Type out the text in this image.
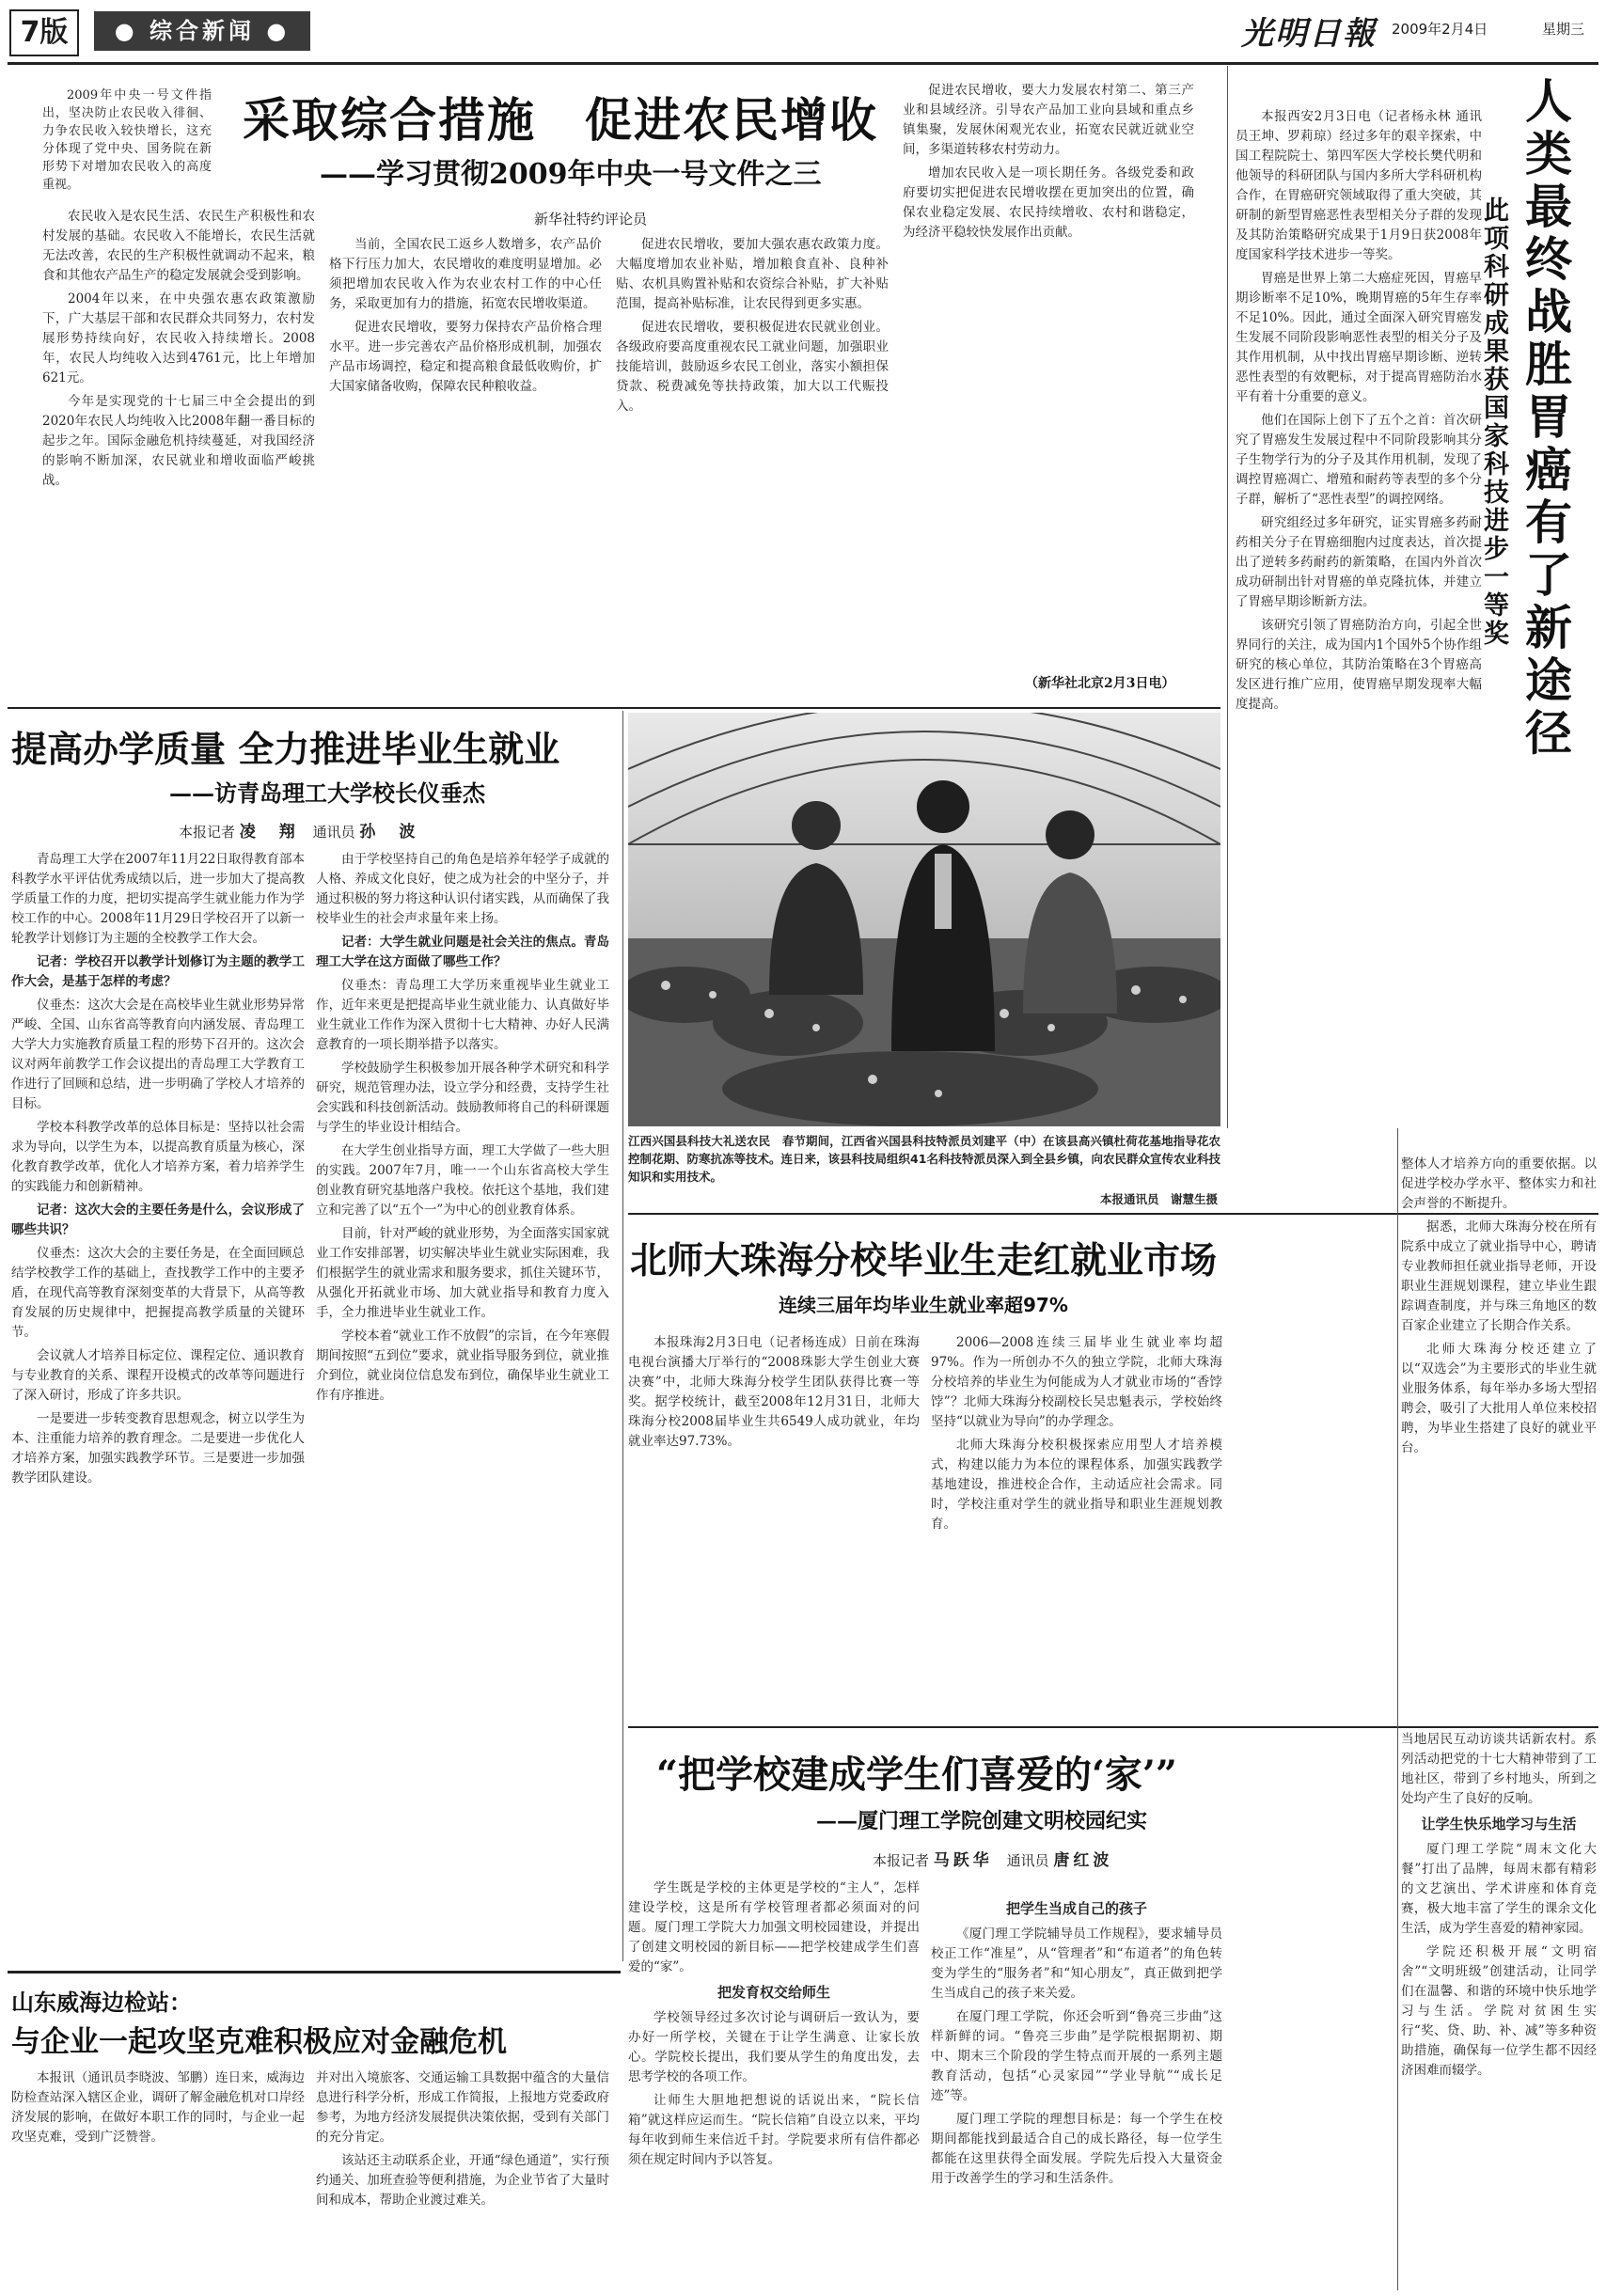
7版	● 综合新闻 ●	光明日報 2009年2月4日	星期三

2009年中央一号文件指出，坚决防止农民收入徘徊、力争农民收入较快增长，这充分体现了党中央、国务院在新形势下对增加农民收入的高度重视。

采取综合措施　促进农民增收
——学习贯彻2009年中央一号文件之三
新华社特约评论员

农民收入是农民生活、农民生产积极性和农村发展的基础。农民收入不能增长，农民生活就无法改善，农民的生产积极性就调动不起来，粮食和其他农产品生产的稳定发展就会受到影响。

2004年以来，在中央强农惠农政策激励下，广大基层干部和农民群众共同努力，农村发展形势持续向好，农民收入持续增长。2008年，农民人均纯收入达到4761元，比上年增加621元。

今年是实现党的十七届三中全会提出的到2020年农民人均纯收入比2008年翻一番目标的起步之年。国际金融危机持续蔓延，对我国经济的影响不断加深，农民就业和增收面临严峻挑战。

当前，全国农民工返乡人数增多，农产品价格下行压力加大，农民增收的难度明显增加。必须把增加农民收入作为农业农村工作的中心任务，采取更加有力的措施，拓宽农民增收渠道。

促进农民增收，要努力保持农产品价格合理水平。进一步完善农产品价格形成机制，加强农产品市场调控，稳定和提高粮食最低收购价，扩大国家储备收购，保障农民种粮收益。

促进农民增收，要加大强农惠农政策力度。大幅度增加农业补贴，增加粮食直补、良种补贴、农机具购置补贴和农资综合补贴，扩大补贴范围，提高补贴标准，让农民得到更多实惠。

促进农民增收，要积极促进农民就业创业。各级政府要高度重视农民工就业问题，加强职业技能培训，鼓励返乡农民工创业，落实小额担保贷款、税费减免等扶持政策，加大以工代赈投入。

促进农民增收，要大力发展农村第二、第三产业和县域经济。引导农产品加工业向县域和重点乡镇集聚，发展休闲观光农业，拓宽农民就近就业空间，多渠道转移农村劳动力。

增加农民收入是一项长期任务。各级党委和政府要切实把促进农民增收摆在更加突出的位置，确保农业稳定发展、农民持续增收、农村和谐稳定，为经济平稳较快发展作出贡献。

（新华社北京2月3日电）

本报西安2月3日电（记者杨永林 通讯员王坤、罗莉琼）经过多年的艰辛探索，中国工程院院士、第四军医大学校长樊代明和他领导的科研团队与国内多所大学科研机构合作，在胃癌研究领域取得了重大突破，其研制的新型胃癌恶性表型相关分子群的发现及其防治策略研究成果于1月9日获2008年度国家科学技术进步一等奖。

胃癌是世界上第二大癌症死因，胃癌早期诊断率不足10%，晚期胃癌的5年生存率不足10%。因此，通过全面深入研究胃癌发生发展不同阶段影响恶性表型的相关分子及其作用机制，从中找出胃癌早期诊断、逆转恶性表型的有效靶标，对于提高胃癌防治水平有着十分重要的意义。

他们在国际上创下了五个之首：首次研究了胃癌发生发展过程中不同阶段影响其分子生物学行为的分子及其作用机制，发现了调控胃癌凋亡、增殖和耐药等表型的多个分子群，解析了“恶性表型”的调控网络。

研究组经过多年研究，证实胃癌多药耐药相关分子在胃癌细胞内过度表达，首次提出了逆转多药耐药的新策略，在国内外首次成功研制出针对胃癌的单克隆抗体，并建立了胃癌早期诊断新方法。

该研究引领了胃癌防治方向，引起全世界同行的关注，成为国内1个国外5个协作组研究的核心单位，其防治策略在3个胃癌高发区进行推广应用，使胃癌早期发现率大幅度提高。

人类最终战胜胃癌有了新途径
此项科研成果获国家科技进步一等奖
提高办学质量 全力推进毕业生就业
——访青岛理工大学校长仪垂杰
本报记者 凌　翔 通讯员 孙　波

青岛理工大学在2007年11月22日取得教育部本科教学水平评估优秀成绩以后，进一步加大了提高教学质量工作的力度，把切实提高学生就业能力作为学校工作的中心。2008年11月29日学校召开了以新一轮教学计划修订为主题的全校教学工作大会。

记者：学校召开以教学计划修订为主题的教学工作大会，是基于怎样的考虑？

仪垂杰：这次大会是在高校毕业生就业形势异常严峻、全国、山东省高等教育向内涵发展、青岛理工大学大力实施教育质量工程的形势下召开的。这次会议对两年前教学工作会议提出的青岛理工大学教育工作进行了回顾和总结，进一步明确了学校人才培养的目标。

学校本科教学改革的总体目标是：坚持以社会需求为导向，以学生为本，以提高教育质量为核心，深化教育教学改革，优化人才培养方案，着力培养学生的实践能力和创新精神。

记者：这次大会的主要任务是什么，会议形成了哪些共识？

仪垂杰：这次大会的主要任务是，在全面回顾总结学校教学工作的基础上，查找教学工作中的主要矛盾，在现代高等教育深刻变革的大背景下，从高等教育发展的历史规律中，把握提高教学质量的关键环节。

会议就人才培养目标定位、课程定位、通识教育与专业教育的关系、课程开设模式的改革等问题进行了深入研讨，形成了许多共识。

一是要进一步转变教育思想观念，树立以学生为本、注重能力培养的教育理念。二是要进一步优化人才培养方案，加强实践教学环节。三是要进一步加强教学团队建设。

由于学校坚持自己的角色是培养年轻学子成就的人格、养成文化良好，使之成为社会的中坚分子，并通过积极的努力将这种认识付诸实践，从而确保了我校毕业生的社会声求量年来上扬。

记者：大学生就业问题是社会关注的焦点。青岛理工大学在这方面做了哪些工作？

仪垂杰：青岛理工大学历来重视毕业生就业工作，近年来更是把提高毕业生就业能力、认真做好毕业生就业工作作为深入贯彻十七大精神、办好人民满意教育的一项长期举措予以落实。

学校鼓励学生积极参加开展各种学术研究和科学研究，规范管理办法，设立学分和经费，支持学生社会实践和科技创新活动。鼓励教师将自己的科研课题与学生的毕业设计相结合。

在大学生创业指导方面，理工大学做了一些大胆的实践。2007年7月，唯一一个山东省高校大学生创业教育研究基地落户我校。依托这个基地，我们建立和完善了以“五个一”为中心的创业教育体系。

目前，针对严峻的就业形势，为全面落实国家就业工作安排部署，切实解决毕业生就业实际困难，我们根据学生的就业需求和服务要求，抓住关键环节，从强化开拓就业市场、加大就业指导和教育力度入手，全力推进毕业生就业工作。

学校本着“就业工作不放假”的宗旨，在今年寒假期间按照“五到位”要求，就业指导服务到位，就业推介到位，就业岗位信息发布到位，确保毕业生就业工作有序推进。

江西兴国县科技大礼送农民　春节期间，江西省兴国县科技特派员刘建平（中）在该县高兴镇杜荷花基地指导花农控制花期、防寒抗冻等技术。连日来，该县科技局组织41名科技特派员深入到全县乡镇，向农民群众宣传农业科技知识和实用技术。
本报通讯员　谢慧生摄
北师大珠海分校毕业生走红就业市场
连续三届年均毕业生就业率超97%

本报珠海2月3日电（记者杨连成）日前在珠海电视台演播大厅举行的“2008珠影大学生创业大赛决赛”中，北师大珠海分校学生团队获得比赛一等奖。据学校统计，截至2008年12月31日，北师大珠海分校2008届毕业生共6549人成功就业，年均就业率达97.73%。

2006—2008连续三届毕业生就业率均超97%。作为一所创办不久的独立学院，北师大珠海分校培养的毕业生为何能成为人才就业市场的“香饽饽”？北师大珠海分校副校长吴忠魁表示，学校始终坚持“以就业为导向”的办学理念。

北师大珠海分校积极探索应用型人才培养模式，构建以能力为本位的课程体系，加强实践教学基地建设，推进校企合作，主动适应社会需求。同时，学校注重对学生的就业指导和职业生涯规划教育。

整体人才培养方向的重要依据。以促进学校办学水平、整体实力和社会声誉的不断提升。

据悉，北师大珠海分校在所有院系中成立了就业指导中心，聘请专业教师担任就业指导老师，开设职业生涯规划课程，建立毕业生跟踪调查制度，并与珠三角地区的数百家企业建立了长期合作关系。

北师大珠海分校还建立了以“双选会”为主要形式的毕业生就业服务体系，每年举办多场大型招聘会，吸引了大批用人单位来校招聘，为毕业生搭建了良好的就业平台。

“把学校建成学生们喜爱的‘家’”
——厦门理工学院创建文明校园纪实
本报记者 马跃华 通讯员 唐红波

学生既是学校的主体更是学校的“主人”，怎样建设学校，这是所有学校管理者都必须面对的问题。厦门理工学院大力加强文明校园建设，并提出了创建文明校园的新目标——把学校建成学生们喜爱的“家”。

把发育权交给师生

学校领导经过多次讨论与调研后一致认为，要办好一所学校，关键在于让学生满意、让家长放心。学院校长提出，我们要从学生的角度出发，去思考学校的各项工作。

让师生大胆地把想说的话说出来，“院长信箱”就这样应运而生。“院长信箱”自设立以来，平均每年收到师生来信近千封。学院要求所有信件都必须在规定时间内予以答复。

把学生当成自己的孩子

《厦门理工学院辅导员工作规程》，要求辅导员校正工作“准星”，从“管理者”和“布道者”的角色转变为学生的“服务者”和“知心朋友”，真正做到把学生当成自己的孩子来关爱。

在厦门理工学院，你还会听到“鲁亮三步曲”这样新鲜的词。“鲁亮三步曲”是学院根据期初、期中、期末三个阶段的学生特点而开展的一系列主题教育活动，包括“心灵家园”“学业导航”“成长足迹”等。

厦门理工学院的理想目标是：每一个学生在校期间都能找到最适合自己的成长路径，每一位学生都能在这里获得全面发展。学院先后投入大量资金用于改善学生的学习和生活条件。

当地居民互动访谈共话新农村。系列活动把党的十七大精神带到了工地社区，带到了乡村地头，所到之处均产生了良好的反响。

让学生快乐地学习与生活

厦门理工学院“周末文化大餐”打出了品牌，每周末都有精彩的文艺演出、学术讲座和体育竞赛，极大地丰富了学生的课余文化生活，成为学生喜爱的精神家园。

学院还积极开展“文明宿舍”“文明班级”创建活动，让同学们在温馨、和谐的环境中快乐地学习与生活。学院对贫困生实行“奖、贷、助、补、减”等多种资助措施，确保每一位学生都不因经济困难而辍学。

山东威海边检站：
与企业一起攻坚克难积极应对金融危机

本报讯（通讯员李晓波、邹鹏）连日来，威海边防检查站深入辖区企业，调研了解金融危机对口岸经济发展的影响，在做好本职工作的同时，与企业一起攻坚克难，受到广泛赞誉。

并对出入境旅客、交通运输工具数据中蕴含的大量信息进行科学分析，形成工作简报，上报地方党委政府参考，为地方经济发展提供决策依据，受到有关部门的充分肯定。

该站还主动联系企业，开通“绿色通道”，实行预约通关、加班查验等便利措施，为企业节省了大量时间和成本，帮助企业渡过难关。
